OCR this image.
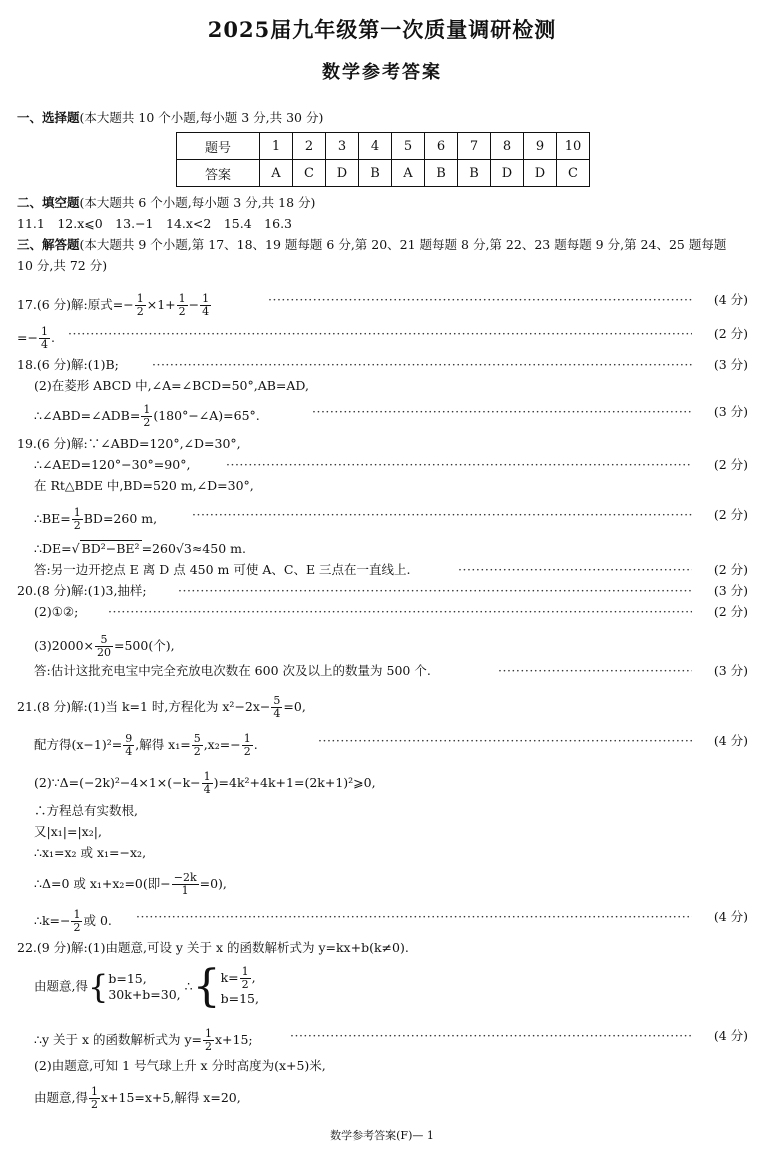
2025届九年级第一次质量调研检测
数学参考答案
一、选择题(本大题共 10 个小题,每小题 3 分,共 30 分)
题号	1	2	3	4	5	6	7	8	9	10
答案	A	C	D	B	A	B	B	D	D	C
二、填空题(本大题共 6 个小题,每小题 3 分,共 18 分)
11.1　12.x⩽0　13.−1　14.x<2　15.4　16.3
三、解答题(本大题共 9 个小题,第 17、18、19 题每题 6 分,第 20、21 题每题 8 分,第 22、23 题每题 9 分,第 24、25 题每题
10 分,共 72 分)
17.(6 分)解:原式=− $\frac{1}{2} \times 1+ \frac{1}{2} - \frac{1}{4}$ ·····	(4 分)
=− $\frac{1}{4}$ . ·····	(2 分)
18.(6 分)解:(1)B; ·····	(3 分)
(2)在菱形 ABCD 中,∠A=∠BCD=50°,AB=AD,
∴∠ABD=∠ADB= $\frac{1}{2}$ (180°−∠A)=65°. ·····	(3 分)
19.(6 分)解:∵∠ABD=120°,∠D=30°,
∴∠AED=120°−30°=90°, ·····	(2 分)
在 Rt△BDE 中,BD=520 m,∠D=30°,
∴BE= $\frac{1}{2} BD=260$ m, ·····	(2 分)
∴DE=√ BD²−BE² =260√3≈450 m.
答:另一边开挖点 E 离 D 点 450 m 可使 A、C、E 三点在一直线上. ·····	(2 分)
20.(8 分)解:(1)3,抽样; ·····	(3 分)
(2)①②; ·····	(2 分)
$(3)2000\times \frac{5}{20} =500$(个),
答:估计这批充电宝中完全充放电次数在 600 次及以上的数量为 500 个. ·····	(3 分)
21.(8 分)解:(1)当 k=1 时,方程化为 $x^2-2x- \frac{5}{4} =0$,
配方得$(x-1)^2= \frac{9}{4}$ ,解得 $x_1= \frac{5}{2} ,x_2=- \frac{1}{2}$ . ·····	(4 分)
(2)∵Δ=(−2k)²−4×1×(−k− $\frac{1}{4}$ )=4k²+4k+1=(2k+1)²⩾0,
∴方程总有实数根,
又|x₁|=|x₂|,
∴x₁=x₂ 或 x₁=−x₂,
∴Δ=0 或 x₁+x₂=0(即− $\frac{-2k}{1} =0$),
∴k=− $\frac{1}{2}$ 或 0. ·····	(4 分)
22.(9 分)解:(1)由题意,可设 y 关于 x 的函数解析式为 y=kx+b(k≠0).
由题意,得{ b=15,
30k+b=30,
∴{ $k= \frac{1}{2}$ ,
b=15,
∴y 关于 x 的函数解析式为 $y= \frac{1}{2} x+15$; ·····	(4 分)
(2)由题意,可知 1 号气球上升 x 分时高度为(x+5)米,
由题意,得 $\frac{1}{2} x+15=x+5$,解得 x=20,
数学参考答案(F)— 1
